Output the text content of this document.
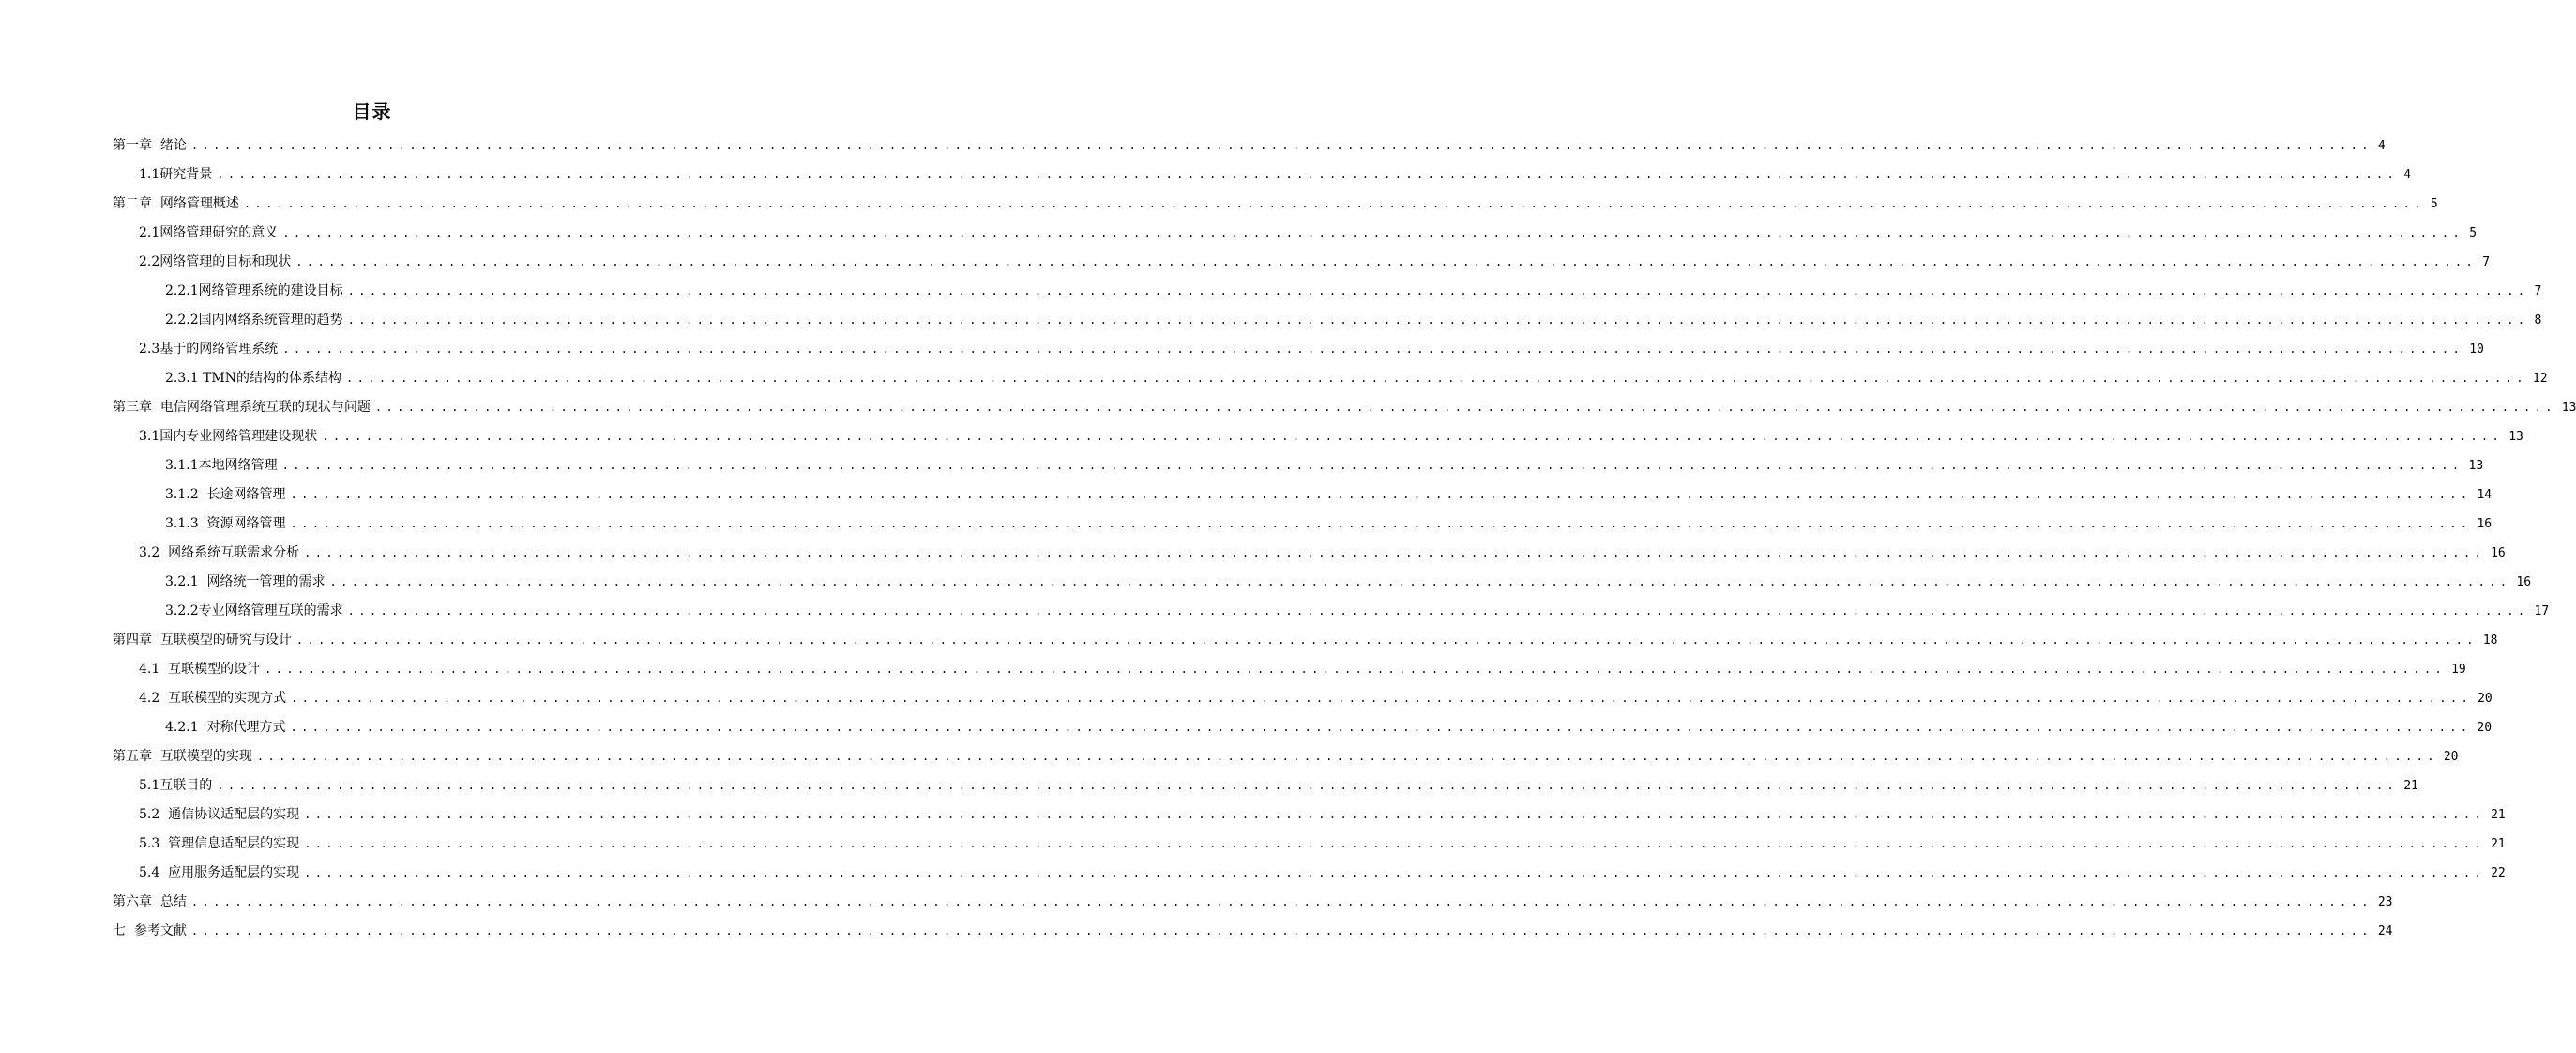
目录
第一章  绪论 ........................................................................................................................................................................................................ 4
1.1研究背景 ........................................................................................................................................................................................................ 4
第二章  网络管理概述 ........................................................................................................................................................................................................ 5
2.1网络管理研究的意义 ........................................................................................................................................................................................................ 5
2.2网络管理的目标和现状 ........................................................................................................................................................................................................ 7
2.2.1网络管理系统的建设目标 ........................................................................................................................................................................................................ 7
2.2.2国内网络系统管理的趋势 ........................................................................................................................................................................................................ 8
2.3基于的网络管理系统 ........................................................................................................................................................................................................ 10
2.3.1 TMN的结构的体系结构 ........................................................................................................................................................................................................ 12
第三章  电信网络管理系统互联的现状与问题 ........................................................................................................................................................................................................ 13
3.1国内专业网络管理建设现状 ........................................................................................................................................................................................................ 13
3.1.1本地网络管理 ........................................................................................................................................................................................................ 13
3.1.2  长途网络管理 ........................................................................................................................................................................................................ 14
3.1.3  资源网络管理 ........................................................................................................................................................................................................ 16
3.2  网络系统互联需求分析 ........................................................................................................................................................................................................ 16
3.2.1  网络统一管理的需求 ........................................................................................................................................................................................................ 16
3.2.2专业网络管理互联的需求 ........................................................................................................................................................................................................ 17
第四章  互联模型的研究与设计 ........................................................................................................................................................................................................ 18
4.1  互联模型的设计 ........................................................................................................................................................................................................ 19
4.2  互联模型的实现方式 ........................................................................................................................................................................................................ 20
4.2.1  对称代理方式 ........................................................................................................................................................................................................ 20
第五章  互联模型的实现 ........................................................................................................................................................................................................ 20
5.1互联目的 ........................................................................................................................................................................................................ 21
5.2  通信协议适配层的实现 ........................................................................................................................................................................................................ 21
5.3  管理信息适配层的实现 ........................................................................................................................................................................................................ 21
5.4  应用服务适配层的实现 ........................................................................................................................................................................................................ 22
第六章  总结 ........................................................................................................................................................................................................ 23
七  参考文献 ........................................................................................................................................................................................................ 24
